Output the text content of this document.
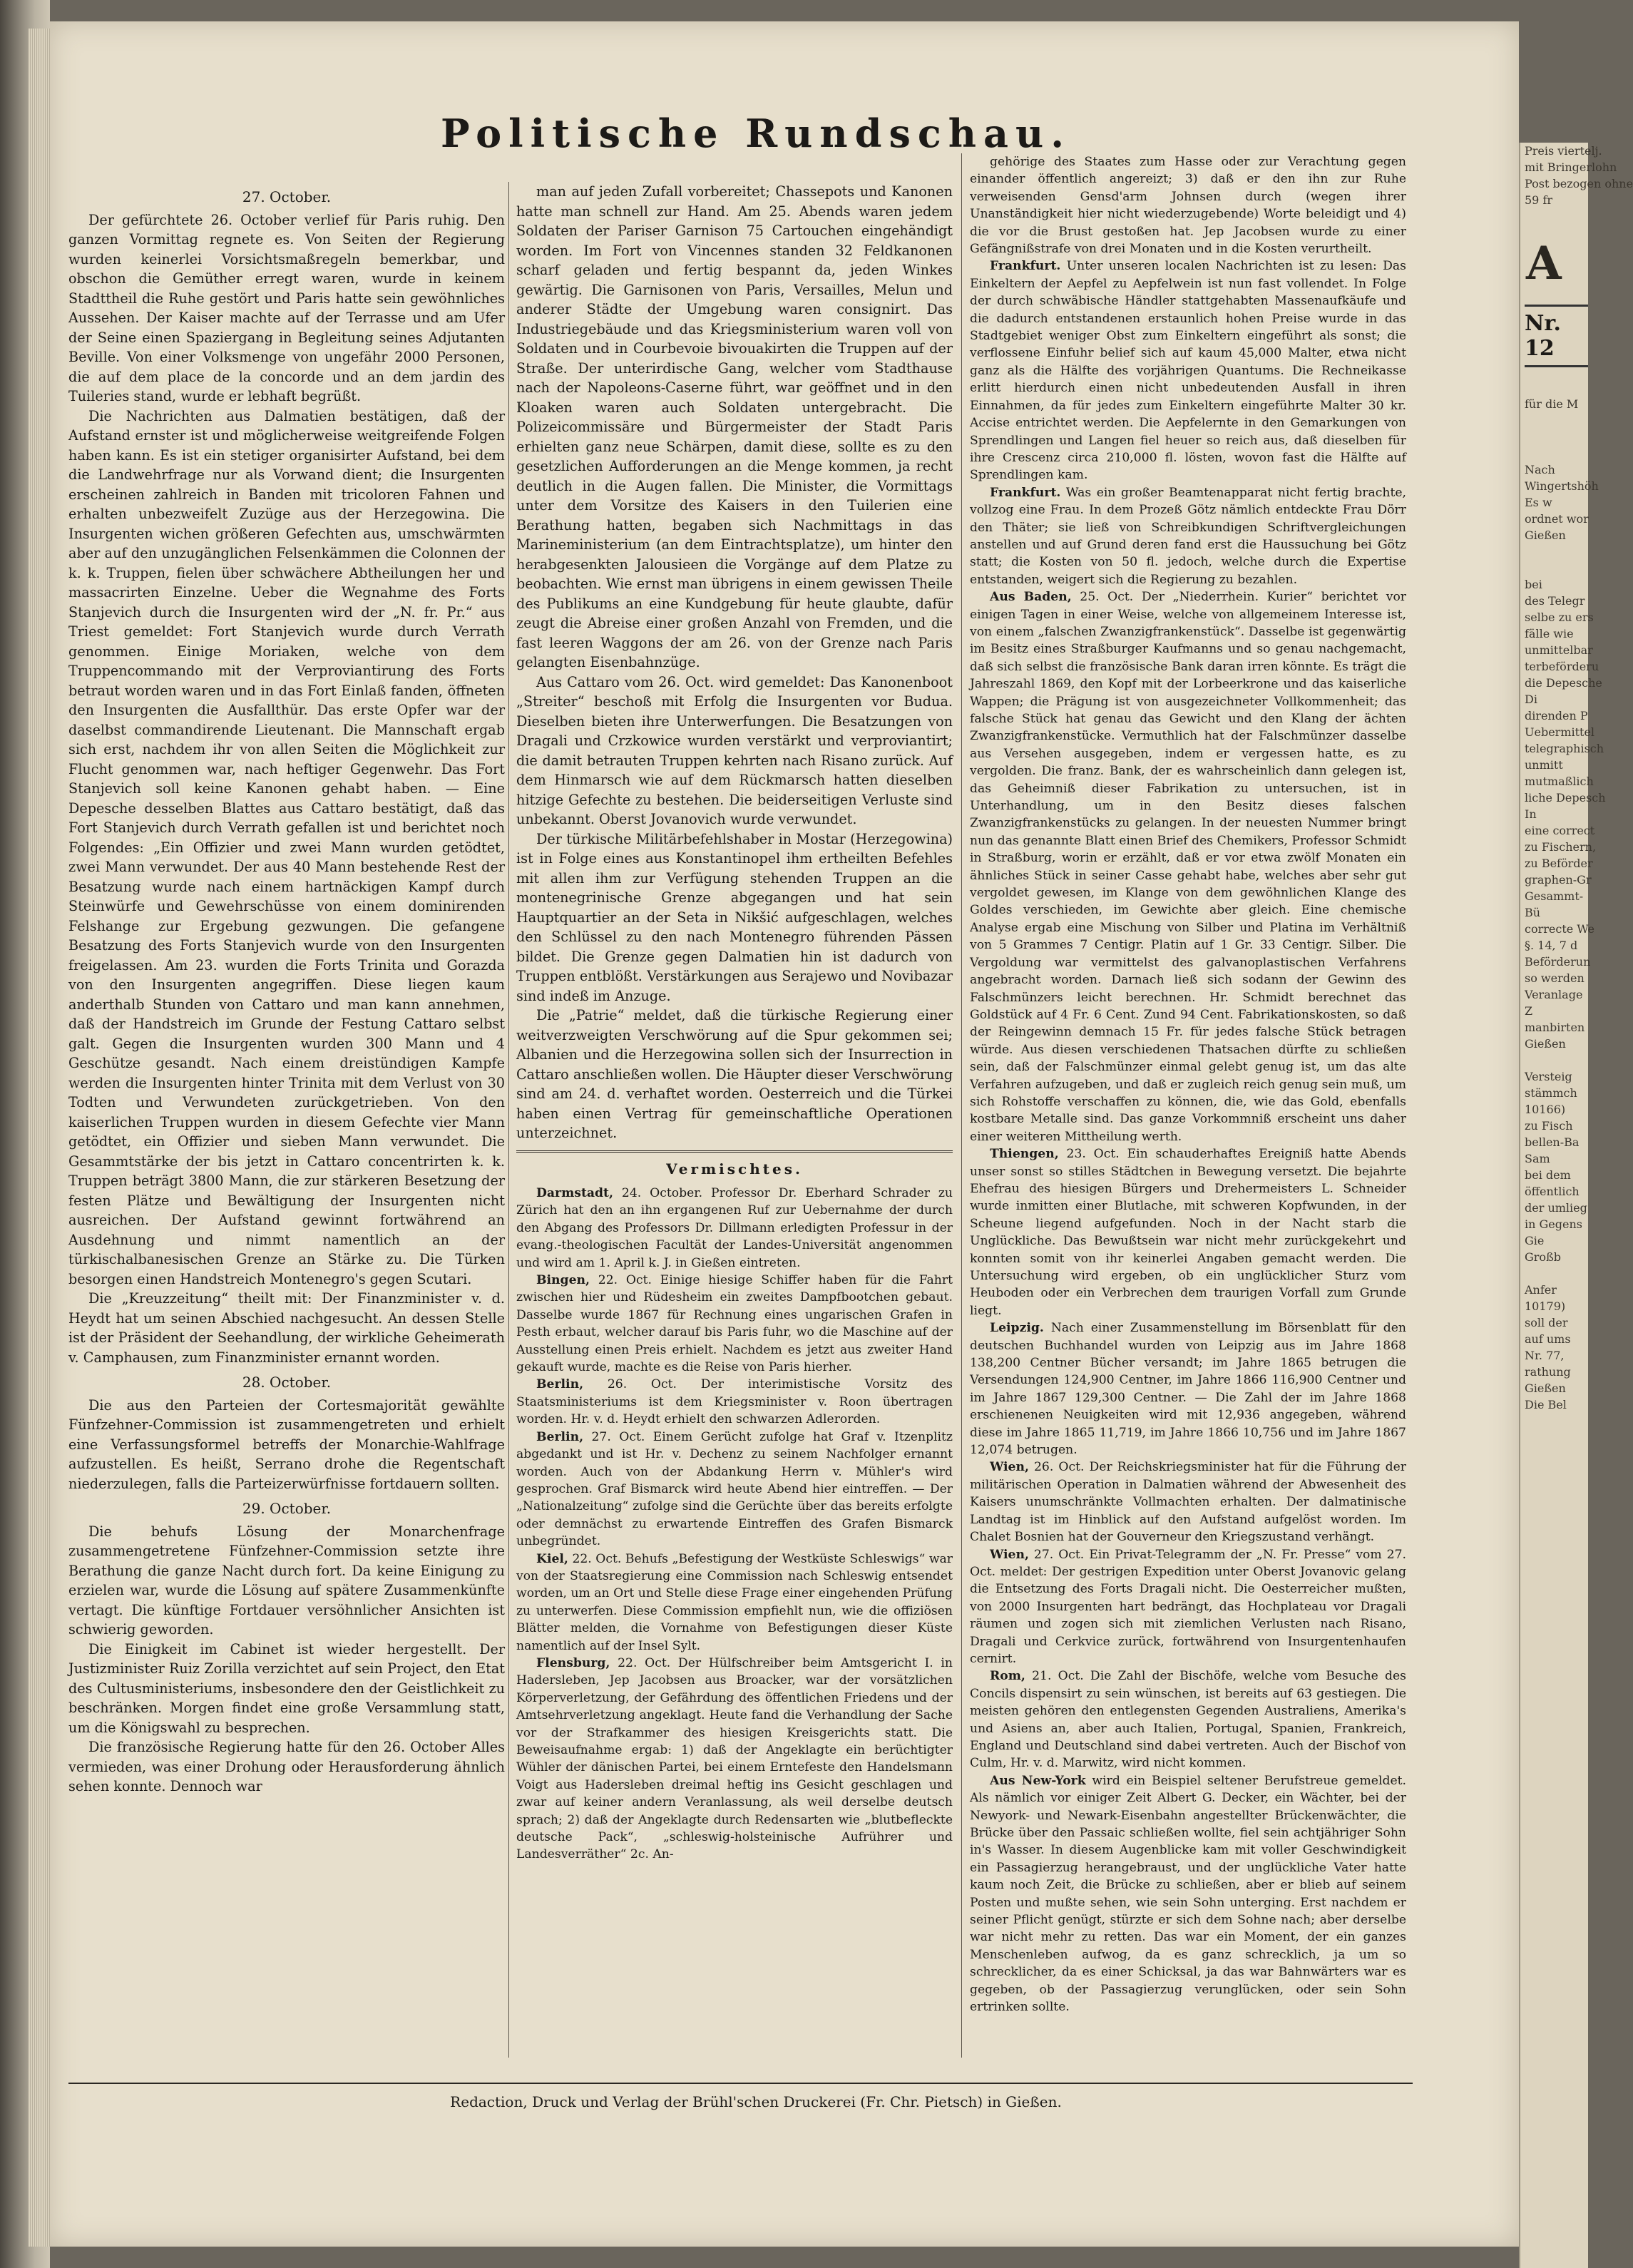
Preis viertelj.
mit Bringerlohn
Post bezogen ohne
59 fr
A
Nr. 12
für die M

Nach
Wingertshöh
Es w
ordnet wor
Gießen

bei
des Telegr
selbe zu ers
fälle wie
unmittelbar
terbeförderu
die Depesche
Di
direnden P
Uebermittel
telegraphisch
unmitt
mutmaßlich
liche Depesch
In
eine correct
zu Fischern,
zu Beförder
graphen-Gr
Gesammt-
Bü
correcte We
§. 14, 7 d
Beförderun
so werden
Veranlage
Z
manbirten
Gießen

Versteig
stämmch
10166)
zu Fisch
bellen-Ba
Sam
bei dem
öffentlich
der umlieg
in Gegens
Gie
Großb

Anfer
10179)
soll der
auf ums
Nr. 77,
rathung
Gießen
Die Bel
Politische Rundschau.
27. October.

Der gefürchtete 26. October verlief für Paris ruhig. Den ganzen Vormittag regnete es. Von Seiten der Regierung wurden keinerlei Vorsichtsmaßregeln bemerkbar, und obschon die Gemüther erregt waren, wurde in keinem Stadttheil die Ruhe gestört und Paris hatte sein gewöhnliches Aussehen. Der Kaiser machte auf der Terrasse und am Ufer der Seine einen Spaziergang in Begleitung seines Adjutanten Beville. Von einer Volksmenge von ungefähr 2000 Personen, die auf dem place de la concorde und an dem jardin des Tuileries stand, wurde er lebhaft begrüßt.

Die Nachrichten aus Dalmatien bestätigen, daß der Aufstand ernster ist und möglicherweise weitgreifende Folgen haben kann. Es ist ein stetiger organisirter Aufstand, bei dem die Landwehrfrage nur als Vorwand dient; die Insurgenten erscheinen zahlreich in Banden mit tricoloren Fahnen und erhalten unbezweifelt Zuzüge aus der Herzegowina. Die Insurgenten wichen größeren Gefechten aus, umschwärmten aber auf den unzugänglichen Felsenkämmen die Colonnen der k. k. Truppen, fielen über schwächere Abtheilungen her und massacrirten Einzelne. Ueber die Wegnahme des Forts Stanjevich durch die Insurgenten wird der „N. fr. Pr.“ aus Triest gemeldet: Fort Stanjevich wurde durch Verrath genommen. Einige Moriaken, welche von dem Truppencommando mit der Verproviantirung des Forts betraut worden waren und in das Fort Einlaß fanden, öffneten den Insurgenten die Ausfallthür. Das erste Opfer war der daselbst commandirende Lieutenant. Die Mannschaft ergab sich erst, nachdem ihr von allen Seiten die Möglichkeit zur Flucht genommen war, nach heftiger Gegenwehr. Das Fort Stanjevich soll keine Kanonen gehabt haben. — Eine Depesche desselben Blattes aus Cattaro bestätigt, daß das Fort Stanjevich durch Verrath gefallen ist und berichtet noch Folgendes: „Ein Offizier und zwei Mann wurden getödtet, zwei Mann verwundet. Der aus 40 Mann bestehende Rest der Besatzung wurde nach einem hartnäckigen Kampf durch Steinwürfe und Gewehrschüsse von einem dominirenden Felshange zur Ergebung gezwungen. Die gefangene Besatzung des Forts Stanjevich wurde von den Insurgenten freigelassen. Am 23. wurden die Forts Trinita und Gorazda von den Insurgenten angegriffen. Diese liegen kaum anderthalb Stunden von Cattaro und man kann annehmen, daß der Handstreich im Grunde der Festung Cattaro selbst galt. Gegen die Insurgenten wurden 300 Mann und 4 Geschütze gesandt. Nach einem dreistündigen Kampfe werden die Insurgenten hinter Trinita mit dem Verlust von 30 Todten und Verwundeten zurückgetrieben. Von den kaiserlichen Truppen wurden in diesem Gefechte vier Mann getödtet, ein Offizier und sieben Mann verwundet. Die Gesammtstärke der bis jetzt in Cattaro concentrirten k. k. Truppen beträgt 3800 Mann, die zur stärkeren Besetzung der festen Plätze und Bewältigung der Insurgenten nicht ausreichen. Der Aufstand gewinnt fortwährend an Ausdehnung und nimmt namentlich an der türkischalbanesischen Grenze an Stärke zu. Die Türken besorgen einen Handstreich Montenegro's gegen Scutari.

Die „Kreuzzeitung“ theilt mit: Der Finanzminister v. d. Heydt hat um seinen Abschied nachgesucht. An dessen Stelle ist der Präsident der Seehandlung, der wirkliche Geheimerath v. Camphausen, zum Finanzminister ernannt worden.

28. October.

Die aus den Parteien der Cortesmajorität gewählte Fünfzehner-Commission ist zusammengetreten und erhielt eine Verfassungsformel betreffs der Monarchie-Wahlfrage aufzustellen. Es heißt, Serrano drohe die Regentschaft niederzulegen, falls die Parteizerwürfnisse fortdauern sollten.

29. October.

Die behufs Lösung der Monarchenfrage zusammengetretene Fünfzehner-Commission setzte ihre Berathung die ganze Nacht durch fort. Da keine Einigung zu erzielen war, wurde die Lösung auf spätere Zusammenkünfte vertagt. Die künftige Fortdauer versöhnlicher Ansichten ist schwierig geworden.

Die Einigkeit im Cabinet ist wieder hergestellt. Der Justizminister Ruiz Zorilla verzichtet auf sein Project, den Etat des Cultusministeriums, insbesondere den der Geistlichkeit zu beschränken. Morgen findet eine große Versammlung statt, um die Königswahl zu besprechen.

Die französische Regierung hatte für den 26. October Alles vermieden, was einer Drohung oder Herausforderung ähnlich sehen konnte. Dennoch war

man auf jeden Zufall vorbereitet; Chassepots und Kanonen hatte man schnell zur Hand. Am 25. Abends waren jedem Soldaten der Pariser Garnison 75 Cartouchen eingehändigt worden. Im Fort von Vincennes standen 32 Feldkanonen scharf geladen und fertig bespannt da, jeden Winkes gewärtig. Die Garnisonen von Paris, Versailles, Melun und anderer Städte der Umgebung waren consignirt. Das Industriegebäude und das Kriegsministerium waren voll von Soldaten und in Courbevoie bivouakirten die Truppen auf der Straße. Der unterirdische Gang, welcher vom Stadthause nach der Napoleons-Caserne führt, war geöffnet und in den Kloaken waren auch Soldaten untergebracht. Die Polizeicommissäre und Bürgermeister der Stadt Paris erhielten ganz neue Schärpen, damit diese, sollte es zu den gesetzlichen Aufforderungen an die Menge kommen, ja recht deutlich in die Augen fallen. Die Minister, die Vormittags unter dem Vorsitze des Kaisers in den Tuilerien eine Berathung hatten, begaben sich Nachmittags in das Marineministerium (an dem Eintrachtsplatze), um hinter den herabgesenkten Jalousieen die Vorgänge auf dem Platze zu beobachten. Wie ernst man übrigens in einem gewissen Theile des Publikums an eine Kundgebung für heute glaubte, dafür zeugt die Abreise einer großen Anzahl von Fremden, und die fast leeren Waggons der am 26. von der Grenze nach Paris gelangten Eisenbahnzüge.

Aus Cattaro vom 26. Oct. wird gemeldet: Das Kanonenboot „Streiter“ beschoß mit Erfolg die Insurgenten vor Budua. Dieselben bieten ihre Unterwerfungen. Die Besatzungen von Dragali und Crzkowice wurden verstärkt und verproviantirt; die damit betrauten Truppen kehrten nach Risano zurück. Auf dem Hinmarsch wie auf dem Rückmarsch hatten dieselben hitzige Gefechte zu bestehen. Die beiderseitigen Verluste sind unbekannt. Oberst Jovanovich wurde verwundet.

Der türkische Militärbefehlshaber in Mostar (Herzegowina) ist in Folge eines aus Konstantinopel ihm ertheilten Befehles mit allen ihm zur Verfügung stehenden Truppen an die montenegrinische Grenze abgegangen und hat sein Hauptquartier an der Seta in Nikšić aufgeschlagen, welches den Schlüssel zu den nach Montenegro führenden Pässen bildet. Die Grenze gegen Dalmatien hin ist dadurch von Truppen entblößt. Verstärkungen aus Serajewo und Novibazar sind indeß im Anzuge.

Die „Patrie“ meldet, daß die türkische Regierung einer weitverzweigten Verschwörung auf die Spur gekommen sei; Albanien und die Herzegowina sollen sich der Insurrection in Cattaro anschließen wollen. Die Häupter dieser Verschwörung sind am 24. d. verhaftet worden. Oesterreich und die Türkei haben einen Vertrag für gemeinschaftliche Operationen unterzeichnet.

Vermischtes.

Darmstadt, 24. October. Professor Dr. Eberhard Schrader zu Zürich hat den an ihn ergangenen Ruf zur Uebernahme der durch den Abgang des Professors Dr. Dillmann erledigten Professur in der evang.-theologischen Facultät der Landes-Universität angenommen und wird am 1. April k. J. in Gießen eintreten.

Bingen, 22. Oct. Einige hiesige Schiffer haben für die Fahrt zwischen hier und Rüdesheim ein zweites Dampfbootchen gebaut. Dasselbe wurde 1867 für Rechnung eines ungarischen Grafen in Pesth erbaut, welcher darauf bis Paris fuhr, wo die Maschine auf der Ausstellung einen Preis erhielt. Nachdem es jetzt aus zweiter Hand gekauft wurde, machte es die Reise von Paris hierher.

Berlin, 26. Oct. Der interimistische Vorsitz des Staatsministeriums ist dem Kriegsminister v. Roon übertragen worden. Hr. v. d. Heydt erhielt den schwarzen Adlerorden.

Berlin, 27. Oct. Einem Gerücht zufolge hat Graf v. Itzenplitz abgedankt und ist Hr. v. Dechenz zu seinem Nachfolger ernannt worden. Auch von der Abdankung Herrn v. Mühler's wird gesprochen. Graf Bismarck wird heute Abend hier eintreffen. — Der „Nationalzeitung“ zufolge sind die Gerüchte über das bereits erfolgte oder demnächst zu erwartende Eintreffen des Grafen Bismarck unbegründet.

Kiel, 22. Oct. Behufs „Befestigung der Westküste Schleswigs“ war von der Staatsregierung eine Commission nach Schleswig entsendet worden, um an Ort und Stelle diese Frage einer eingehenden Prüfung zu unterwerfen. Diese Commission empfiehlt nun, wie die offiziösen Blätter melden, die Vornahme von Befestigungen dieser Küste namentlich auf der Insel Sylt.

Flensburg, 22. Oct. Der Hülfschreiber beim Amtsgericht I. in Hadersleben, Jep Jacobsen aus Broacker, war der vorsätzlichen Körperverletzung, der Gefährdung des öffentlichen Friedens und der Amtsehrverletzung angeklagt. Heute fand die Verhandlung der Sache vor der Strafkammer des hiesigen Kreisgerichts statt. Die Beweisaufnahme ergab: 1) daß der Angeklagte ein berüchtigter Wühler der dänischen Partei, bei einem Erntefeste den Handelsmann Voigt aus Hadersleben dreimal heftig ins Gesicht geschlagen und zwar auf keiner andern Veranlassung, als weil derselbe deutsch sprach; 2) daß der Angeklagte durch Redensarten wie „blutbefleckte deutsche Pack“, „schleswig-holsteinische Aufrührer und Landesverräther“ 2c. An-

gehörige des Staates zum Hasse oder zur Verachtung gegen einander öffentlich angereizt; 3) daß er den ihn zur Ruhe verweisenden Gensd'arm Johnsen durch (wegen ihrer Unanständigkeit hier nicht wiederzugebende) Worte beleidigt und 4) die vor die Brust gestoßen hat. Jep Jacobsen wurde zu einer Gefängnißstrafe von drei Monaten und in die Kosten verurtheilt.

Frankfurt. Unter unseren localen Nachrichten ist zu lesen: Das Einkeltern der Aepfel zu Aepfelwein ist nun fast vollendet. In Folge der durch schwäbische Händler stattgehabten Massenaufkäufe und die dadurch entstandenen erstaunlich hohen Preise wurde in das Stadtgebiet weniger Obst zum Einkeltern eingeführt als sonst; die verflossene Einfuhr belief sich auf kaum 45,000 Malter, etwa nicht ganz als die Hälfte des vorjährigen Quantums. Die Rechneikasse erlitt hierdurch einen nicht unbedeutenden Ausfall in ihren Einnahmen, da für jedes zum Einkeltern eingeführte Malter 30 kr. Accise entrichtet werden. Die Aepfelernte in den Gemarkungen von Sprendlingen und Langen fiel heuer so reich aus, daß dieselben für ihre Crescenz circa 210,000 fl. lösten, wovon fast die Hälfte auf Sprendlingen kam.

Frankfurt. Was ein großer Beamtenapparat nicht fertig brachte, vollzog eine Frau. In dem Prozeß Götz nämlich entdeckte Frau Dörr den Thäter; sie ließ von Schreibkundigen Schriftvergleichungen anstellen und auf Grund deren fand erst die Haussuchung bei Götz statt; die Kosten von 50 fl. jedoch, welche durch die Expertise entstanden, weigert sich die Regierung zu bezahlen.

Aus Baden, 25. Oct. Der „Niederrhein. Kurier“ berichtet vor einigen Tagen in einer Weise, welche von allgemeinem Interesse ist, von einem „falschen Zwanzigfrankenstück“. Dasselbe ist gegenwärtig im Besitz eines Straßburger Kaufmanns und so genau nachgemacht, daß sich selbst die französische Bank daran irren könnte. Es trägt die Jahreszahl 1869, den Kopf mit der Lorbeerkrone und das kaiserliche Wappen; die Prägung ist von ausgezeichneter Vollkommenheit; das falsche Stück hat genau das Gewicht und den Klang der ächten Zwanzigfrankenstücke. Vermuthlich hat der Falschmünzer dasselbe aus Versehen ausgegeben, indem er vergessen hatte, es zu vergolden. Die franz. Bank, der es wahrscheinlich dann gelegen ist, das Geheimniß dieser Fabrikation zu untersuchen, ist in Unterhandlung, um in den Besitz dieses falschen Zwanzigfrankenstücks zu gelangen. In der neuesten Nummer bringt nun das genannte Blatt einen Brief des Chemikers, Professor Schmidt in Straßburg, worin er erzählt, daß er vor etwa zwölf Monaten ein ähnliches Stück in seiner Casse gehabt habe, welches aber sehr gut vergoldet gewesen, im Klange von dem gewöhnlichen Klange des Goldes verschieden, im Gewichte aber gleich. Eine chemische Analyse ergab eine Mischung von Silber und Platina im Verhältniß von 5 Grammes 7 Centigr. Platin auf 1 Gr. 33 Centigr. Silber. Die Vergoldung war vermittelst des galvanoplastischen Verfahrens angebracht worden. Darnach ließ sich sodann der Gewinn des Falschmünzers leicht berechnen. Hr. Schmidt berechnet das Goldstück auf 4 Fr. 6 Cent. Zund 94 Cent. Fabrikationskosten, so daß der Reingewinn demnach 15 Fr. für jedes falsche Stück betragen würde. Aus diesen verschiedenen Thatsachen dürfte zu schließen sein, daß der Falschmünzer einmal gelebt genug ist, um das alte Verfahren aufzugeben, und daß er zugleich reich genug sein muß, um sich Rohstoffe verschaffen zu können, die, wie das Gold, ebenfalls kostbare Metalle sind. Das ganze Vorkommniß erscheint uns daher einer weiteren Mittheilung werth.

Thiengen, 23. Oct. Ein schauderhaftes Ereigniß hatte Abends unser sonst so stilles Städtchen in Bewegung versetzt. Die bejahrte Ehefrau des hiesigen Bürgers und Drehermeisters L. Schneider wurde inmitten einer Blutlache, mit schweren Kopfwunden, in der Scheune liegend aufgefunden. Noch in der Nacht starb die Unglückliche. Das Bewußtsein war nicht mehr zurückgekehrt und konnten somit von ihr keinerlei Angaben gemacht werden. Die Untersuchung wird ergeben, ob ein unglücklicher Sturz vom Heuboden oder ein Verbrechen dem traurigen Vorfall zum Grunde liegt.

Leipzig. Nach einer Zusammenstellung im Börsenblatt für den deutschen Buchhandel wurden von Leipzig aus im Jahre 1868 138,200 Centner Bücher versandt; im Jahre 1865 betrugen die Versendungen 124,900 Centner, im Jahre 1866 116,900 Centner und im Jahre 1867 129,300 Centner. — Die Zahl der im Jahre 1868 erschienenen Neuigkeiten wird mit 12,936 angegeben, während diese im Jahre 1865 11,719, im Jahre 1866 10,756 und im Jahre 1867 12,074 betrugen.

Wien, 26. Oct. Der Reichskriegsminister hat für die Führung der militärischen Operation in Dalmatien während der Abwesenheit des Kaisers unumschränkte Vollmachten erhalten. Der dalmatinische Landtag ist im Hinblick auf den Aufstand aufgelöst worden. Im Chalet Bosnien hat der Gouverneur den Kriegszustand verhängt.

Wien, 27. Oct. Ein Privat-Telegramm der „N. Fr. Presse“ vom 27. Oct. meldet: Der gestrigen Expedition unter Oberst Jovanovic gelang die Entsetzung des Forts Dragali nicht. Die Oesterreicher mußten, von 2000 Insurgenten hart bedrängt, das Hochplateau vor Dragali räumen und zogen sich mit ziemlichen Verlusten nach Risano, Dragali und Cerkvice zurück, fortwährend von Insurgentenhaufen cernirt.

Rom, 21. Oct. Die Zahl der Bischöfe, welche vom Besuche des Concils dispensirt zu sein wünschen, ist bereits auf 63 gestiegen. Die meisten gehören den entlegensten Gegenden Australiens, Amerika's und Asiens an, aber auch Italien, Portugal, Spanien, Frankreich, England und Deutschland sind dabei vertreten. Auch der Bischof von Culm, Hr. v. d. Marwitz, wird nicht kommen.

Aus New-York wird ein Beispiel seltener Berufstreue gemeldet. Als nämlich vor einiger Zeit Albert G. Decker, ein Wächter, bei der Newyork- und Newark-Eisenbahn angestellter Brückenwächter, die Brücke über den Passaic schließen wollte, fiel sein achtjähriger Sohn in's Wasser. In diesem Augenblicke kam mit voller Geschwindigkeit ein Passagierzug herangebraust, und der unglückliche Vater hatte kaum noch Zeit, die Brücke zu schließen, aber er blieb auf seinem Posten und mußte sehen, wie sein Sohn unterging. Erst nachdem er seiner Pflicht genügt, stürzte er sich dem Sohne nach; aber derselbe war nicht mehr zu retten. Das war ein Moment, der ein ganzes Menschenleben aufwog, da es ganz schrecklich, ja um so schrecklicher, da es einer Schicksal, ja das war Bahnwärters war es gegeben, ob der Passagierzug verunglücken, oder sein Sohn ertrinken sollte.

Redaction, Druck und Verlag der Brühl'schen Druckerei (Fr. Chr. Pietsch) in Gießen.
